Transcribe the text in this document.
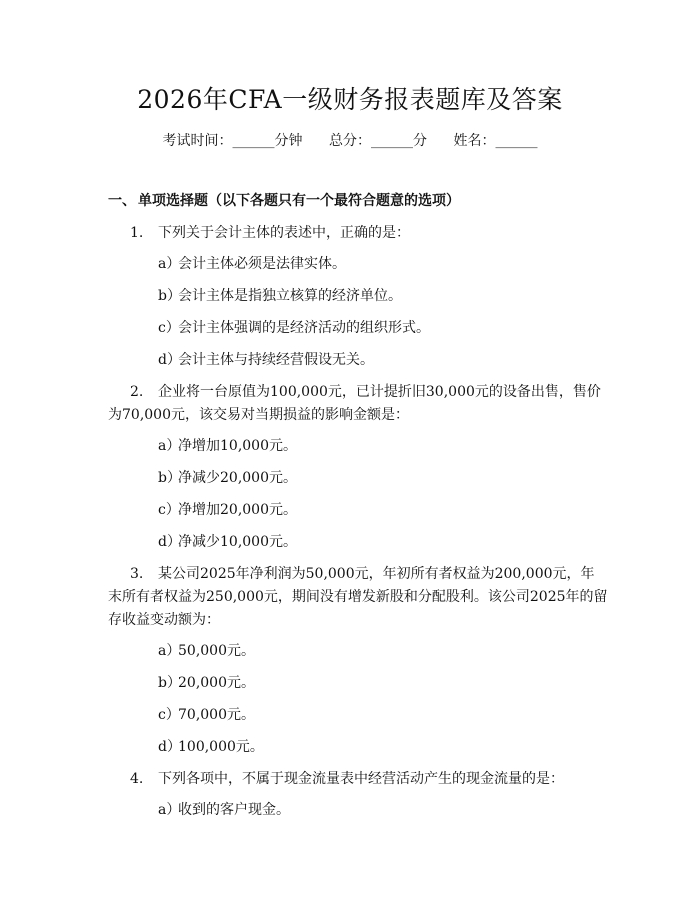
2026年CFA一级财务报表题库及答案
考试时间：______分钟 总分：______分 姓名：______
一、 单项选择题（以下各题只有一个最符合题意的选项）
1. 下列关于会计主体的表述中，正确的是：
a）会计主体必须是法律实体。
b）会计主体是指独立核算的经济单位。
c）会计主体强调的是经济活动的组织形式。
d）会计主体与持续经营假设无关。
2. 企业将一台原值为100,000元，已计提折旧30,000元的设备出售，售价为70,000元，该交易对当期损益的影响金额是：
a）净增加10,000元。
b）净减少20,000元。
c）净增加20,000元。
d）净减少10,000元。
3. 某公司2025年净利润为50,000元，年初所有者权益为200,000元，年末所有者权益为250,000元，期间没有增发新股和分配股利。该公司2025年的留存收益变动额为：
a）50,000元。
b）20,000元。
c）70,000元。
d）100,000元。
4. 下列各项中，不属于现金流量表中经营活动产生的现金流量的是：
a）收到的客户现金。
